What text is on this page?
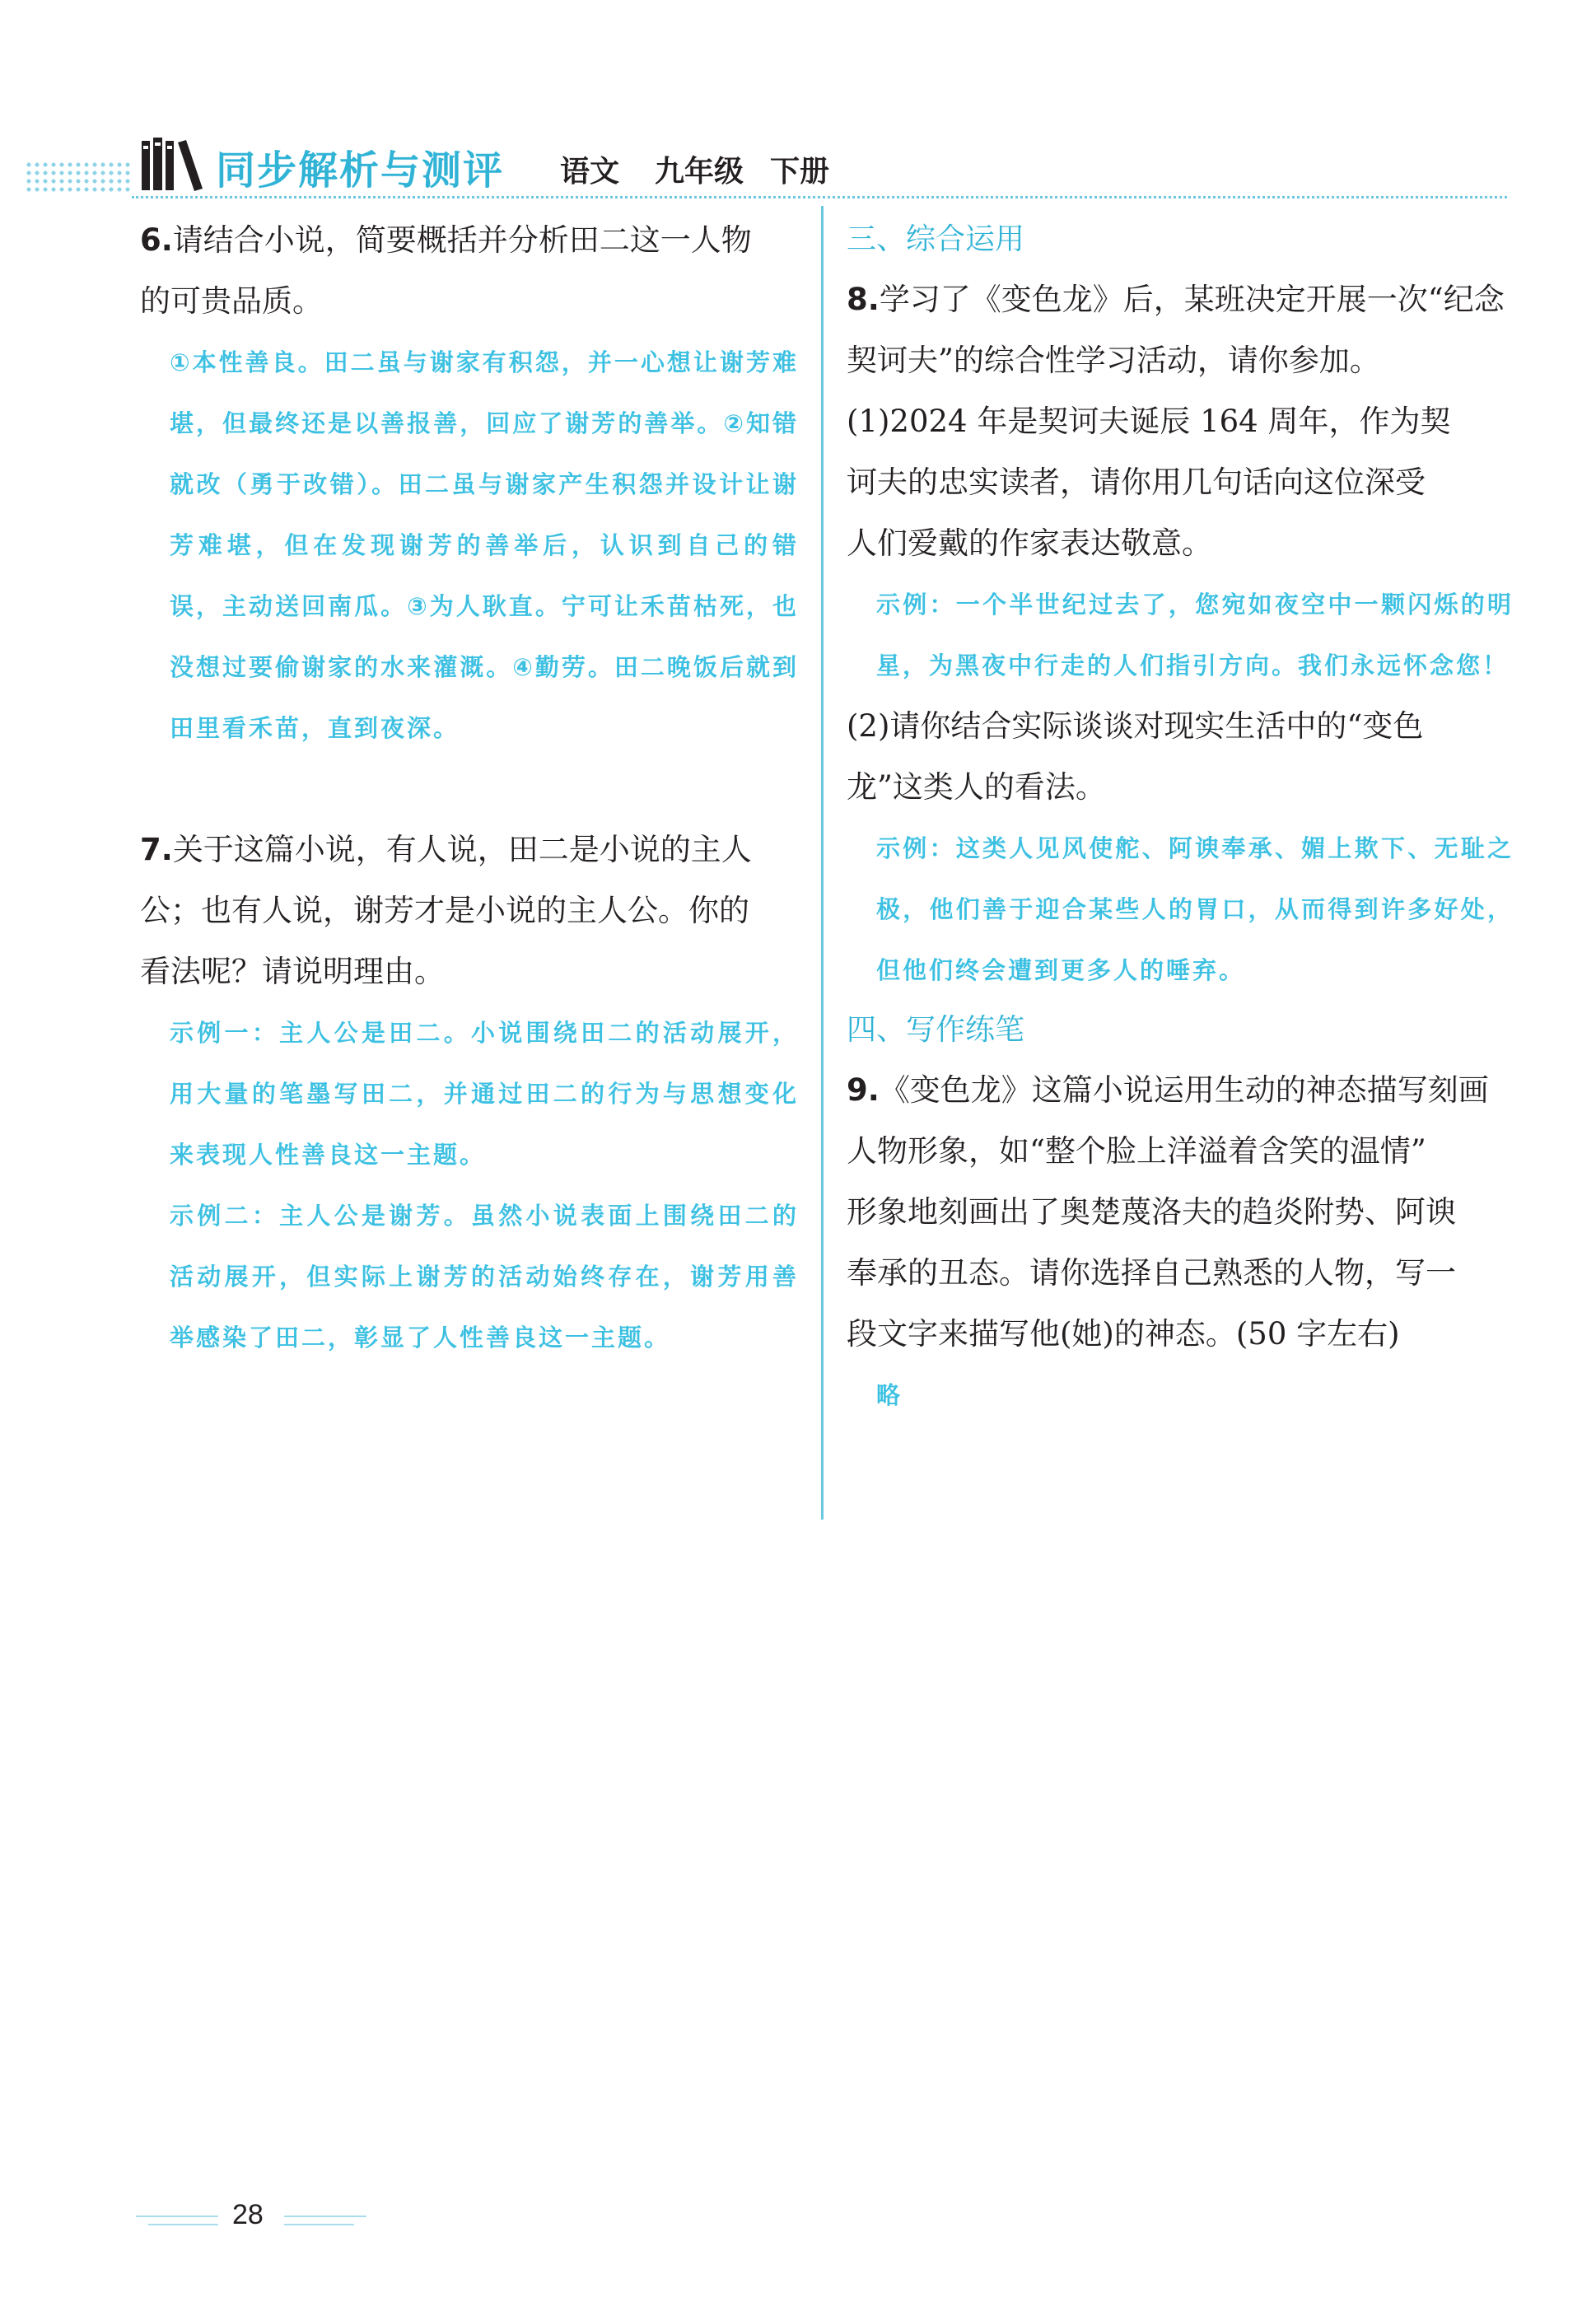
同步解析与测评 语文 九年级 下册
6.请结合小说，简要概括并分析田二这一人物
的可贵品质。

①本性善良。田二虽与谢家有积怨，并一心想让谢芳难堪，但最终还是以善报善，回应了谢芳的善举。②知错就改（勇于改错）。田二虽与谢家产生积怨并设计让谢芳难堪，但在发现谢芳的善举后，认识到自己的错误，主动送回南瓜。③为人耿直。宁可让禾苗枯死，也没想过要偷谢家的水来灌溉。④勤劳。田二晚饭后就到田里看禾苗，直到夜深。

7.关于这篇小说，有人说，田二是小说的主人
公；也有人说，谢芳才是小说的主人公。你的
看法呢？请说明理由。

示例一：主人公是田二。小说围绕田二的活动展开，用大量的笔墨写田二，并通过田二的行为与思想变化来表现人性善良这一主题。

示例二：主人公是谢芳。虽然小说表面上围绕田二的活动展开，但实际上谢芳的活动始终存在，谢芳用善举感染了田二，彰显了人性善良这一主题。

三、综合运用

8.学习了《变色龙》后，某班决定开展一次“纪念
契诃夫”的综合性学习活动，请你参加。
(1)2024 年是契诃夫诞辰 164 周年，作为契
诃夫的忠实读者，请你用几句话向这位深受
人们爱戴的作家表达敬意。

示例：一个半世纪过去了，您宛如夜空中一颗闪烁的明星，为黑夜中行走的人们指引方向。我们永远怀念您！

(2)请你结合实际谈谈对现实生活中的“变色
龙”这类人的看法。

示例：这类人见风使舵、阿谀奉承、媚上欺下、无耻之极，他们善于迎合某些人的胃口，从而得到许多好处，但他们终会遭到更多人的唾弃。

四、写作练笔

9.《变色龙》这篇小说运用生动的神态描写刻画
人物形象，如“整个脸上洋溢着含笑的温情”
形象地刻画出了奥楚蔑洛夫的趋炎附势、阿谀
奉承的丑态。请你选择自己熟悉的人物，写一
段文字来描写他(她)的神态。(50 字左右)

略

28
